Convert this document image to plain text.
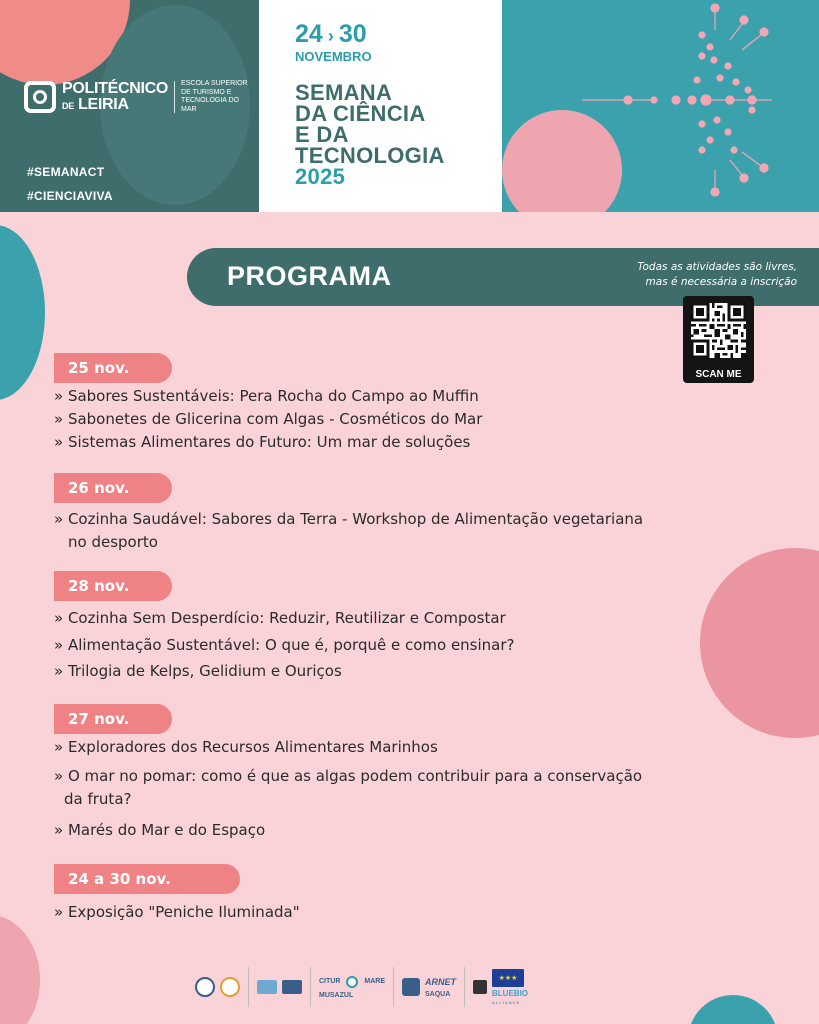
POLITÉCNICO
DE LEIRIA
ESCOLA SUPERIOR DE TURISMO E TECNOLOGIA DO MAR
#SEMANACT
#CIENCIAVIVA
24 › 30
NOVEMBRO
SEMANA
DA CIÊNCIA
E DA
TECNOLOGIA
2025
PROGRAMA	Todas as atividades são livres,
mas é necessária a inscrição
SCAN ME
25 nov.
» Sabores Sustentáveis: Pera Rocha do Campo ao Muffin
» Sabonetes de Glicerina com Algas - Cosméticos do Mar
» Sistemas Alimentares do Futuro: Um mar de soluções
26 nov.
» Cozinha Saudável: Sabores da Terra - Workshop de Alimentação vegetariana
no desporto
28 nov.
» Cozinha Sem Desperdício: Reduzir, Reutilizar e Compostar
» Alimentação Sustentável: O que é, porquê e como ensinar?
» Trilogia de Kelps, Gelidium e Ouriços
27 nov.
» Exploradores dos Recursos Alimentares Marinhos
» O mar no pomar: como é que as algas podem contribuir para a conservação
da fruta?
» Marés do Mar e do Espaço
24 a 30 nov.
» Exposição "Peniche Iluminada"
CITUR	MARE
MUSAZUL
ARNET
SAQUA
★★★
BLUEBIO
ALLIANCE
